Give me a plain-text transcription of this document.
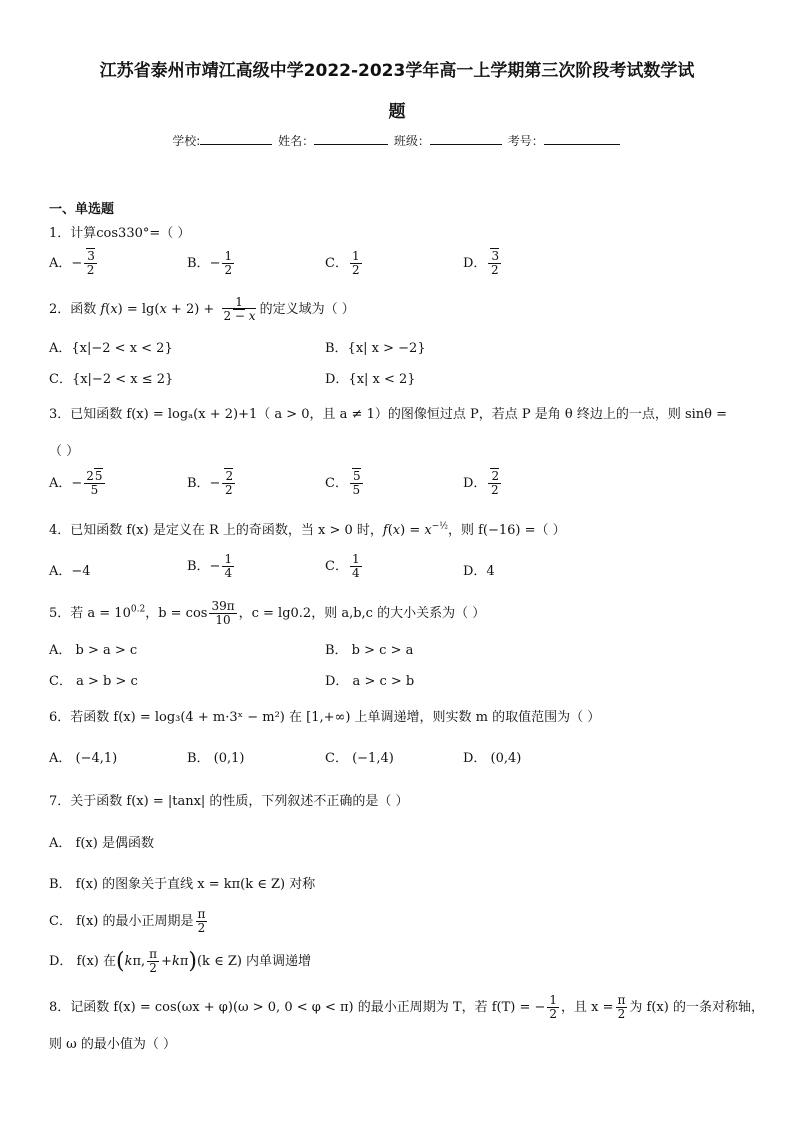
江苏省泰州市靖江高级中学2022-2023学年高一上学期第三次阶段考试数学试
题
学校:	姓名：	班级：	考号：
一、单选题
1．计算cos330°=（ ）
A．− $\frac{3}{2}$	B．− $\frac{1}{2}$	C． $\frac{1}{2}$	D． $\frac{3}{2}$
2．函数 $f(x) = \lg(x + 2) + \frac{1}{2 - x}$ 的定义域为（ ）
A．{x|−2 < x < 2}	B．{x| x > −2}
C．{x|−2 < x ≤ 2}	D．{x| x < 2}
3．已知函数 f(x) = logₐ(x + 2)+1（ a > 0，且 a ≠ 1）的图像恒过点 P，若点 P 是角 θ 终边上的一点，则 sinθ =
（ ）
A．− $\frac{25}{5}$	B．− $\frac{2}{2}$	C． $\frac{5}{5}$	D． $\frac{2}{2}$
4．已知函数 f(x) 是定义在 R 上的奇函数，当 x > 0 时，$f(x) = x^{-\frac{1}{2}}$，则 f(−16) =（ ）
A．−4	B．− $\frac{1}{4}$	C． $\frac{1}{4}$	D．4
5．若 $a = 10^{0.2}$，$b = \cos \frac{39\pi}{10}$ ，c = lg0.2，则 a,b,c 的大小关系为（ ）
A． b > a > c	B． b > c > a
C． a > b > c	D． a > c > b
6．若函数 f(x) = log₃(4 + m·3ˣ − m²) 在 [1,+∞) 上单调递增，则实数 m 的取值范围为（ ）
A． (−4,1)	B． (0,1)	C． (−1,4)	D． (0,4)
7．关于函数 f(x) = |tanx| 的性质，下列叙述不正确的是（ ）
A． f(x) 是偶函数
B． f(x) 的图象关于直线 x = kπ(k ∈ Z) 对称
C． f(x) 的最小正周期是 $\frac{\pi}{2}$
D． f(x) 在(kπ, $\frac{\pi}{2} +k\pi)(k$ ∈ Z) 内单调递增
8．记函数 f(x) = cos(ωx + φ)(ω > 0, 0 < φ < π) 的最小正周期为 T，若 f(T) = − $\frac{1}{2}$ ，且 $x = \frac{\pi}{2}$ 为 f(x) 的一条对称轴，
则 ω 的最小值为（ ）
